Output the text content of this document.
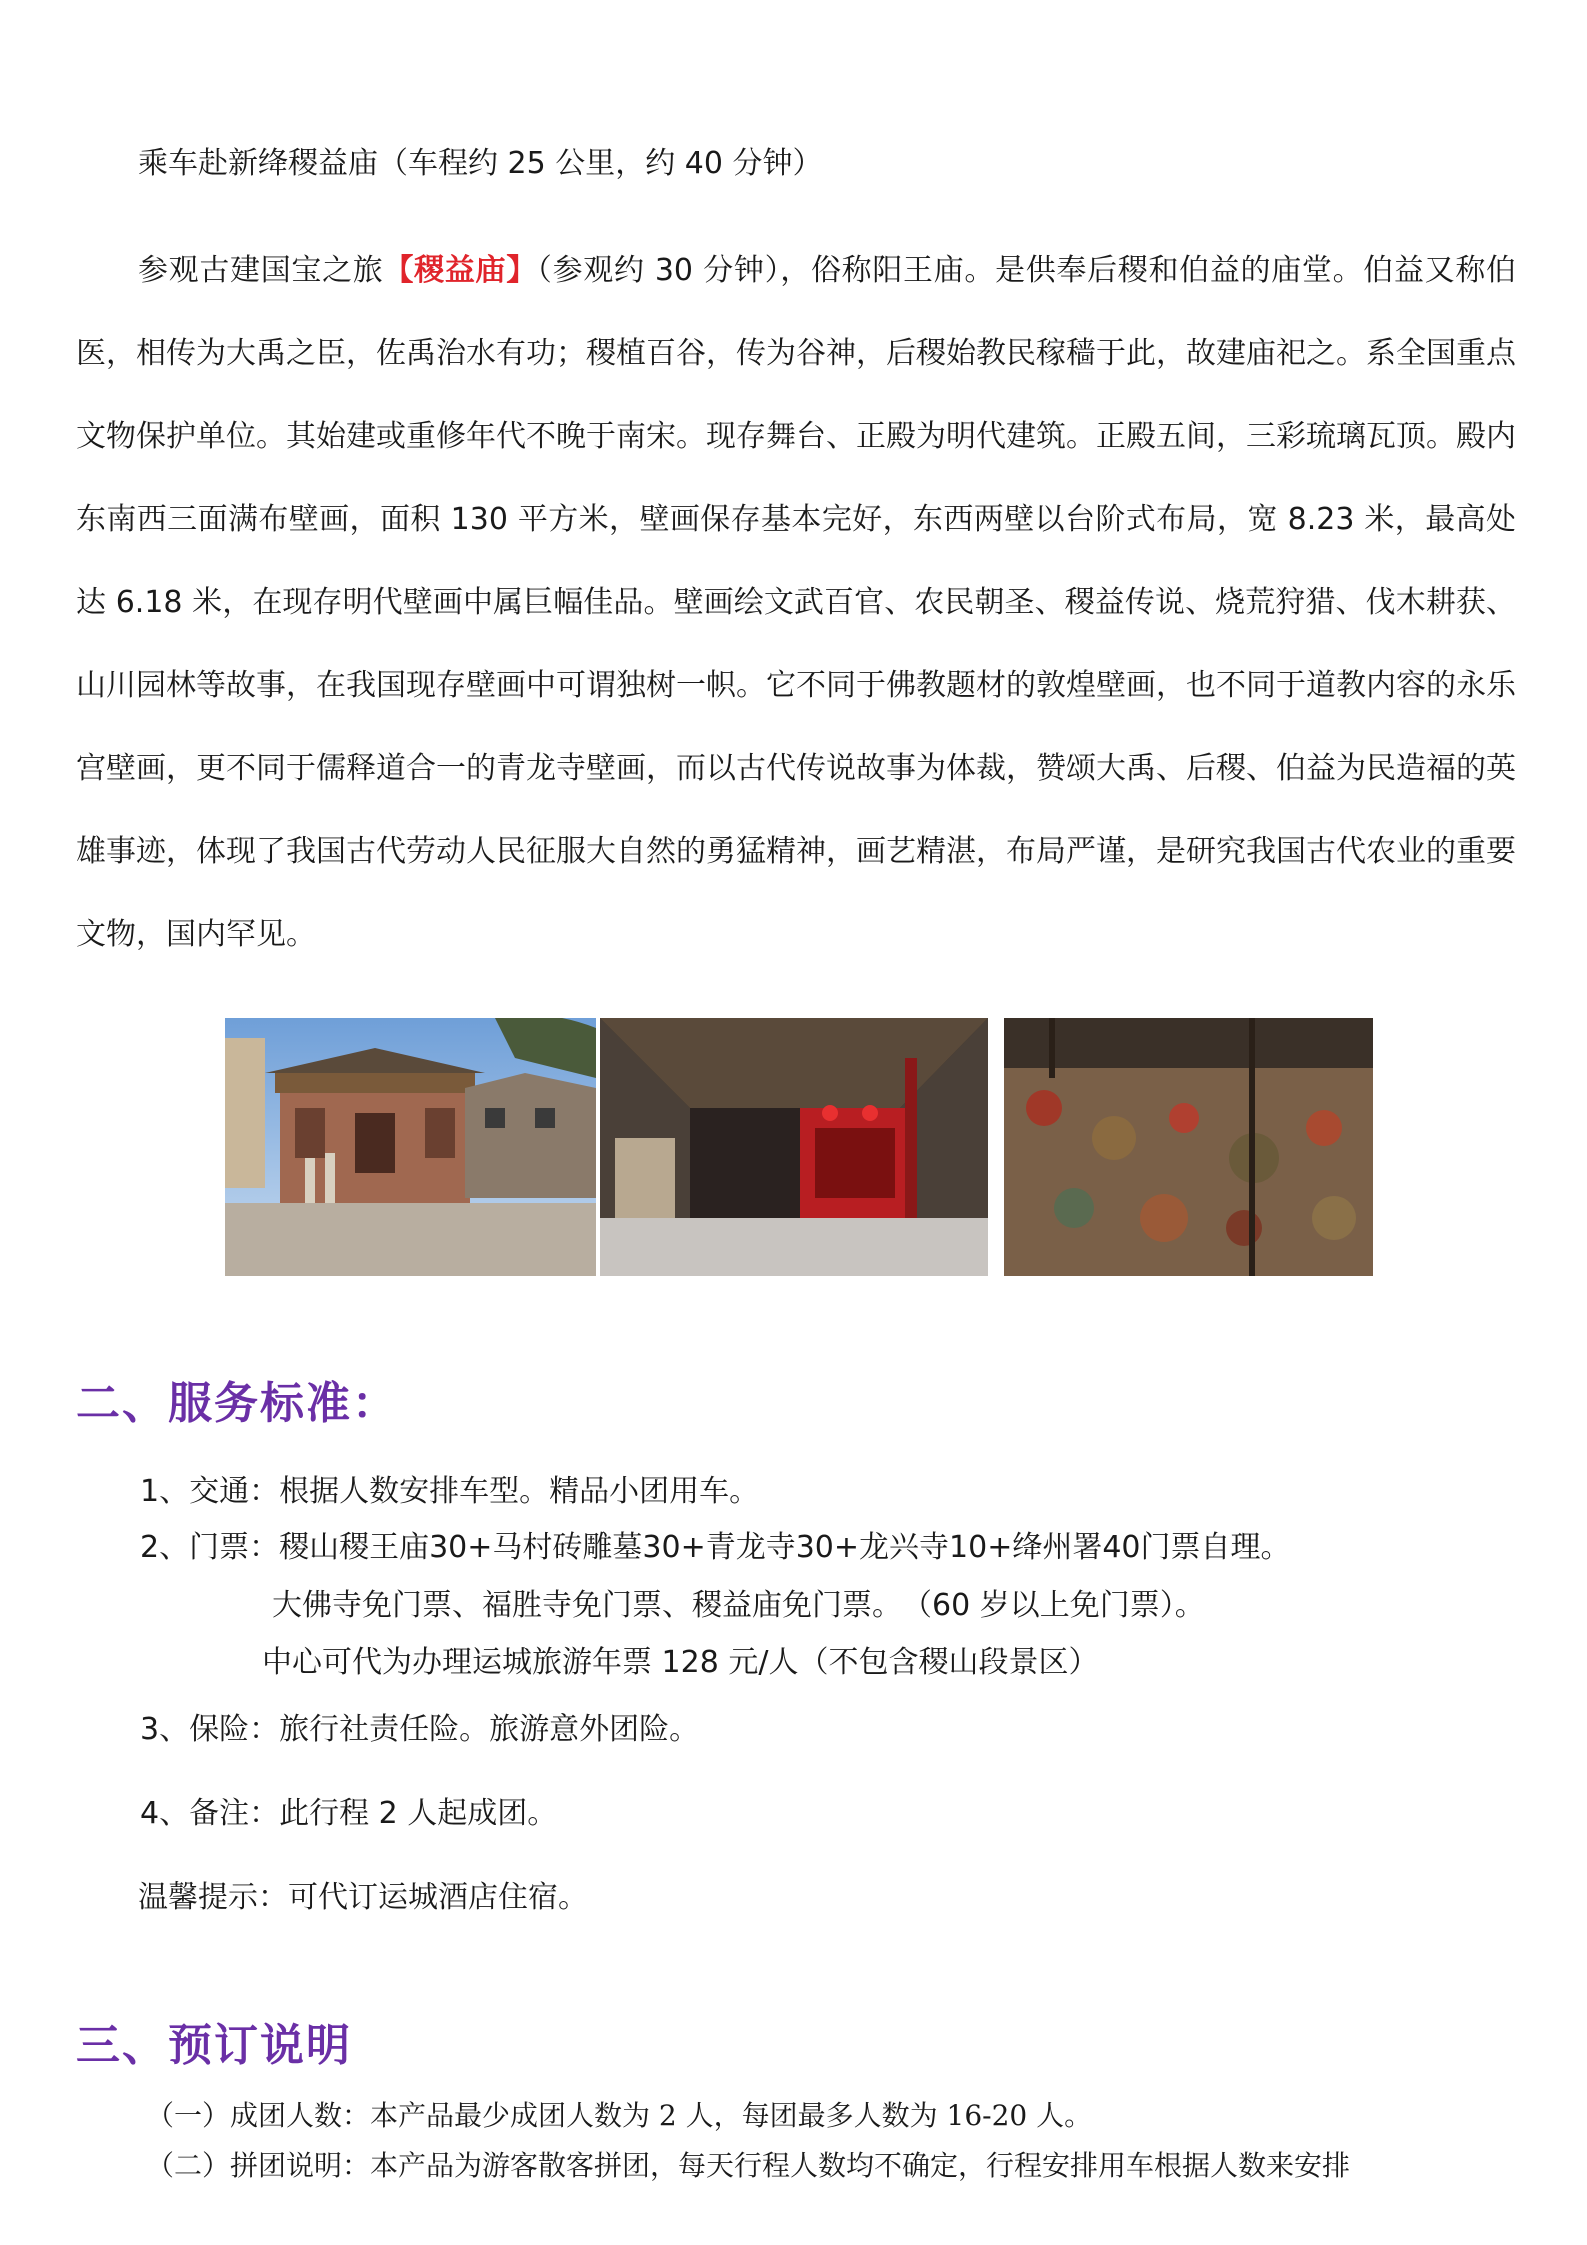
乘车赴新绛稷益庙（车程约 25 公里，约 40 分钟）

参观古建国宝之旅【稷益庙】（参观约 30 分钟），俗称阳王庙。是供奉后稷和伯益的庙堂。伯益又称伯医，相传为大禹之臣，佐禹治水有功；稷植百谷，传为谷神，后稷始教民稼穑于此，故建庙祀之。系全国重点文物保护单位。其始建或重修年代不晚于南宋。现存舞台、正殿为明代建筑。正殿五间，三彩琉璃瓦顶。殿内东南西三面满布壁画，面积 130 平方米，壁画保存基本完好，东西两壁以台阶式布局，宽 8.23 米，最高处达 6.18 米，在现存明代壁画中属巨幅佳品。壁画绘文武百官、农民朝圣、稷益传说、烧荒狩猎、伐木耕获、山川园林等故事，在我国现存壁画中可谓独树一帜。它不同于佛教题材的敦煌壁画，也不同于道教内容的永乐宫壁画，更不同于儒释道合一的青龙寺壁画，而以古代传说故事为体裁，赞颂大禹、后稷、伯益为民造福的英雄事迹，体现了我国古代劳动人民征服大自然的勇猛精神，画艺精湛，布局严谨，是研究我国古代农业的重要文物，国内罕见。

二、服务标准：

1、交通：根据人数安排车型。精品小团用车。

2、门票：稷山稷王庙30+马村砖雕墓30+青龙寺30+龙兴寺10+绛州署40门票自理。

大佛寺免门票、福胜寺免门票、稷益庙免门票。　（60 岁以上免门票）。

中心可代为办理运城旅游年票 128 元/人（不包含稷山段景区）

3、保险：旅行社责任险。旅游意外团险。

4、备注：此行程 2 人起成团。

温馨提示：可代订运城酒店住宿。

三、预订说明

（一）成团人数：本产品最少成团人数为 2 人，每团最多人数为 16-20 人。

（二）拼团说明：本产品为游客散客拼团，每天行程人数均不确定，行程安排用车根据人数来安排
